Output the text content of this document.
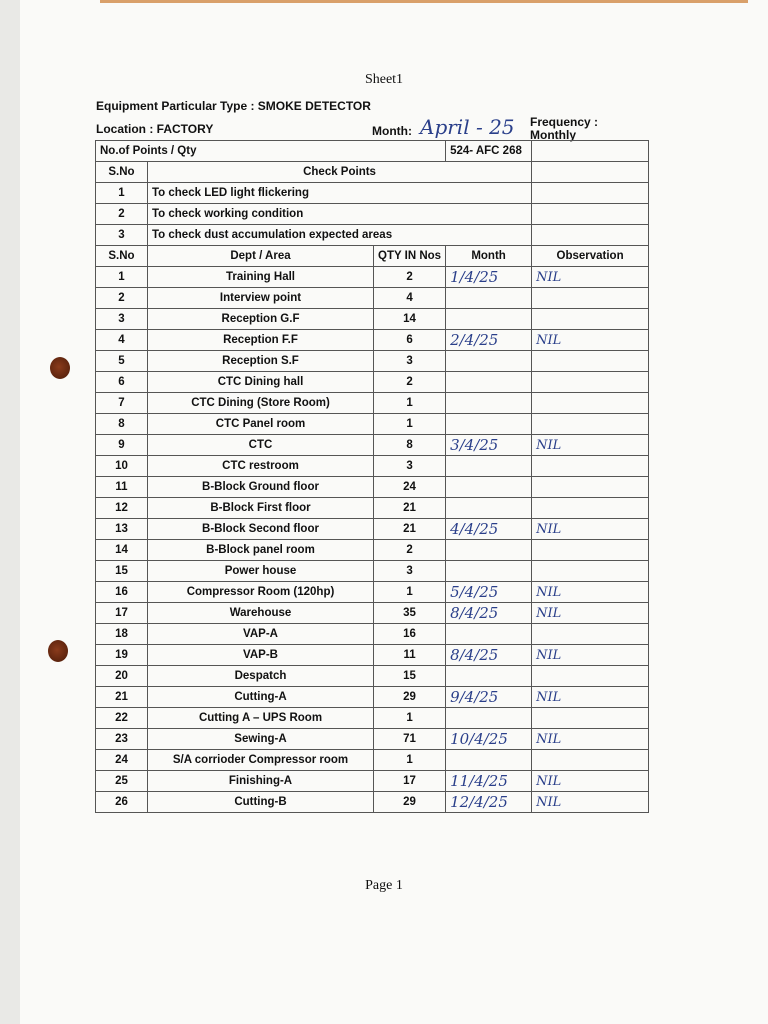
Sheet1
Equipment Particular Type : SMOKE DETECTOR
Location : FACTORY	Month: April - 25 Frequency : Monthly
No.of Points / Qty			524- AFC 268	
S.No	Check Points			
1	To check LED light flickering			
2	To check working condition			
3	To check dust accumulation expected areas			
S.No	Dept / Area	QTY IN Nos	Month	Observation
1	Training Hall	2	1/4/25	NIL
2	Interview point	4		
3	Reception G.F	14		
4	Reception F.F	6	2/4/25	NIL
5	Reception S.F	3		
6	CTC Dining hall	2		
7	CTC Dining (Store Room)	1		
8	CTC Panel room	1		
9	CTC	8	3/4/25	NIL
10	CTC restroom	3		
11	B-Block Ground floor	24		
12	B-Block First floor	21		
13	B-Block Second floor	21	4/4/25	NIL
14	B-Block panel room	2		
15	Power house	3		
16	Compressor Room (120hp)	1	5/4/25	NIL
17	Warehouse	35	8/4/25	NIL
18	VAP-A	16		
19	VAP-B	11	8/4/25	NIL
20	Despatch	15		
21	Cutting-A	29	9/4/25	NIL
22	Cutting A – UPS Room	1		
23	Sewing-A	71	10/4/25	NIL
24	S/A corrioder Compressor room	1		
25	Finishing-A	17	11/4/25	NIL
26	Cutting-B	29	12/4/25	NIL
Page 1
